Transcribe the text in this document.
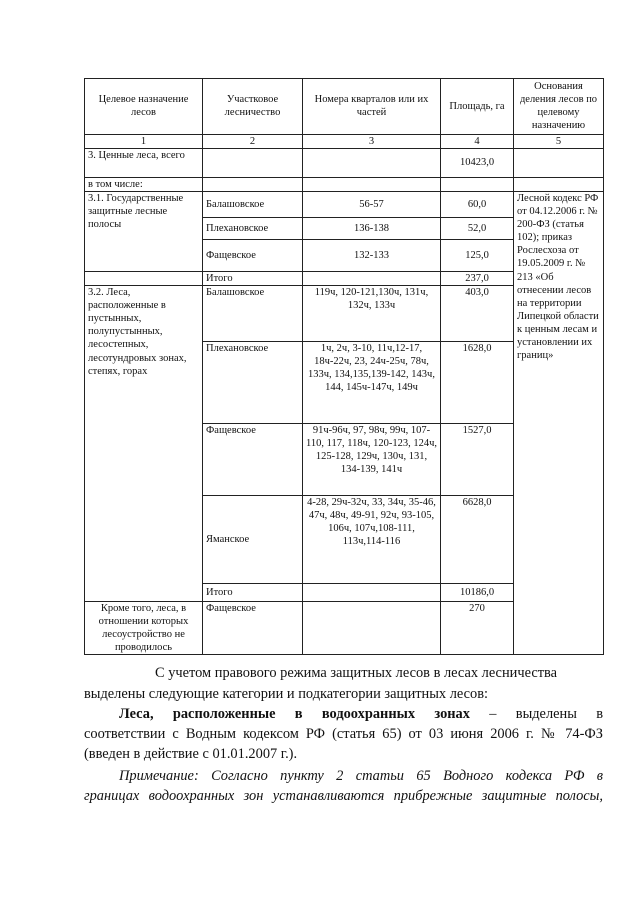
Целевое назначение лесов	Участковое лесничество	Номера кварталов или их частей	Площадь, га	Основания деления лесов по целевому назначению	
1	2	3	4	5	
3. Ценные леса, всего			10423,0		
в том числе:					
3.1. Государственные защитные лесные полосы	Балашовское	56-57	60,0	Лесной кодекс РФ от 04.12.2006 г. № 200-ФЗ (статья 102); приказ Рослесхоза от 19.05.2009 г. № 213 «Об отнесении лесов на территории Липецкой области к ценным лесам и установлении их границ»	
	Плехановское	136-138	52,0		
	Фащевское	132-133	125,0		
	Итого		237,0		
3.2. Леса, расположенные в пустынных, полупустынных, лесостепных, лесотундровых зонах, степях, горах	Балашовское	119ч, 120-121,130ч, 131ч, 132ч, 133ч	403,0		
	Плехановское	1ч, 2ч, 3-10, 11ч,12-17, 18ч-22ч, 23, 24ч-25ч, 78ч, 133ч, 134,135,139-142, 143ч, 144, 145ч-147ч, 149ч	1628,0		
	Фащевское	91ч-96ч, 97, 98ч, 99ч, 107-110, 117, 118ч, 120-123, 124ч, 125-128, 129ч, 130ч, 131, 134-139, 141ч	1527,0		
	Яманское	4-28, 29ч-32ч, 33, 34ч, 35-46, 47ч, 48ч, 49-91, 92ч, 93-105, 106ч, 107ч,108-111, 113ч,114-116	6628,0		
	Итого		10186,0		
Кроме того, леса, в отношении которых лесоустройство не проводилось	Фащевское		270		

С учетом правового режима защитных лесов в лесах лесничества

выделены следующие категории и подкатегории защитных лесов:

Леса, расположенные в водоохранных зонах – выделены в

соответствии с Водным кодексом РФ (статья 65) от 03 июня 2006 г. № 74-ФЗ

(введен в действие с 01.01.2007 г.).

Примечание: Согласно пункту 2 статьи 65 Водного кодекса РФ в

границах водоохранных зон устанавливаются прибрежные защитные полосы,
